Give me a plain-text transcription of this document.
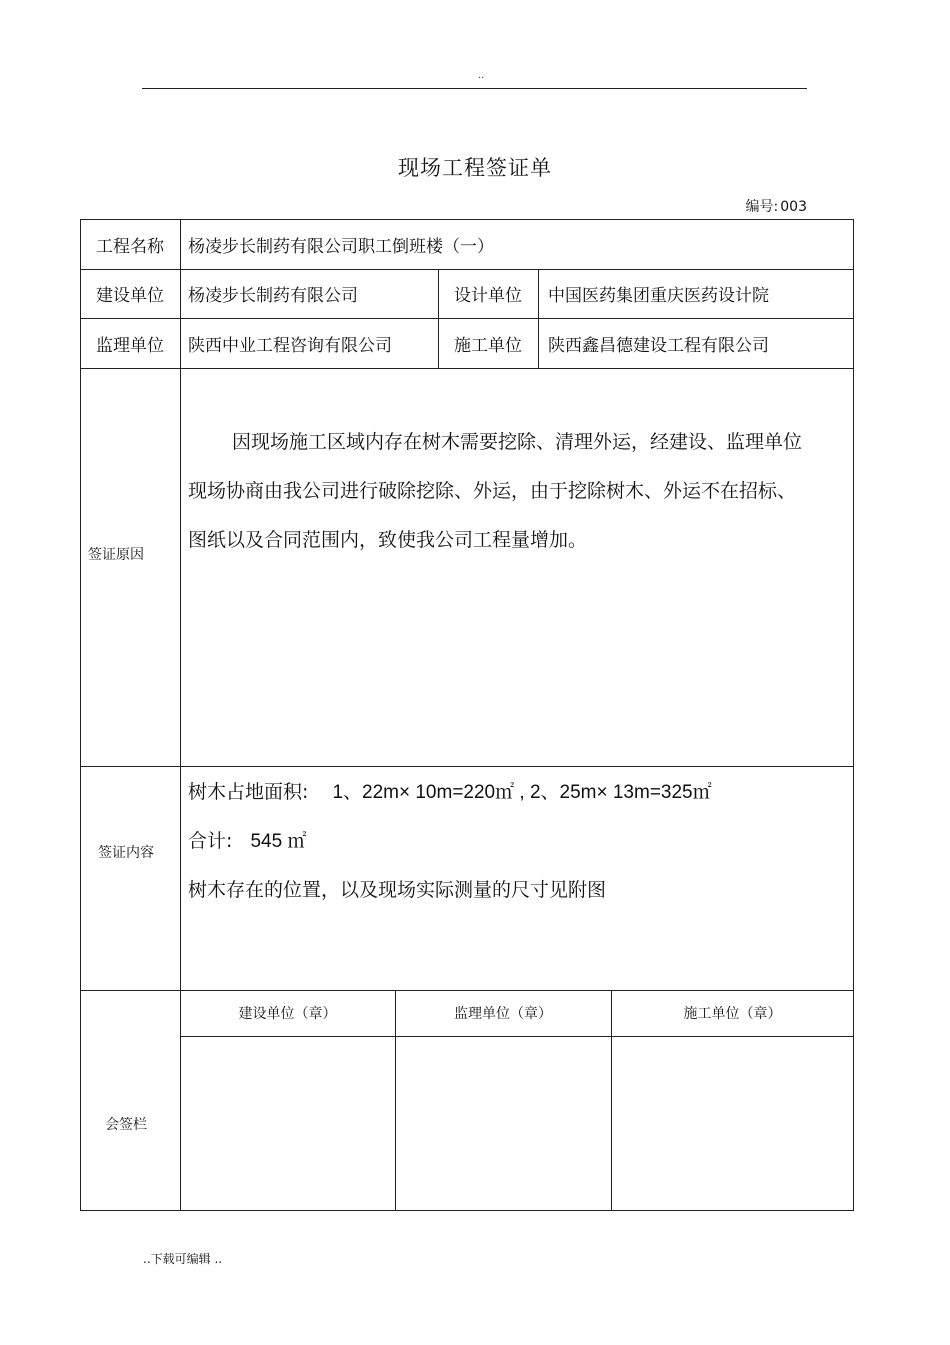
..
现场工程签证单
编号: 003
工程名称	杨凌步长制药有限公司职工倒班楼（一）
建设单位	杨凌步长制药有限公司	设计单位	中国医药集团重庆医药设计院
监理单位	陕西中业工程咨询有限公司	施工单位	陕西鑫昌德建设工程有限公司
签证原因

因现场施工区域内存在树木需要挖除、清理外运，经建设、监理单位现场协商由我公司进行破除挖除、外运，由于挖除树木、外运不在招标、图纸以及合同范围内，致使我公司工程量增加。

签证内容
树木占地面积: 1、22m× 10m=220㎡ , 2、25m× 13m=325㎡
合计: 545 ㎡
树木存在的位置，以及现场实际测量的尺寸见附图
建设单位（章）	监理单位（章）	施工单位（章）
会签栏
..下载可编辑 ..
